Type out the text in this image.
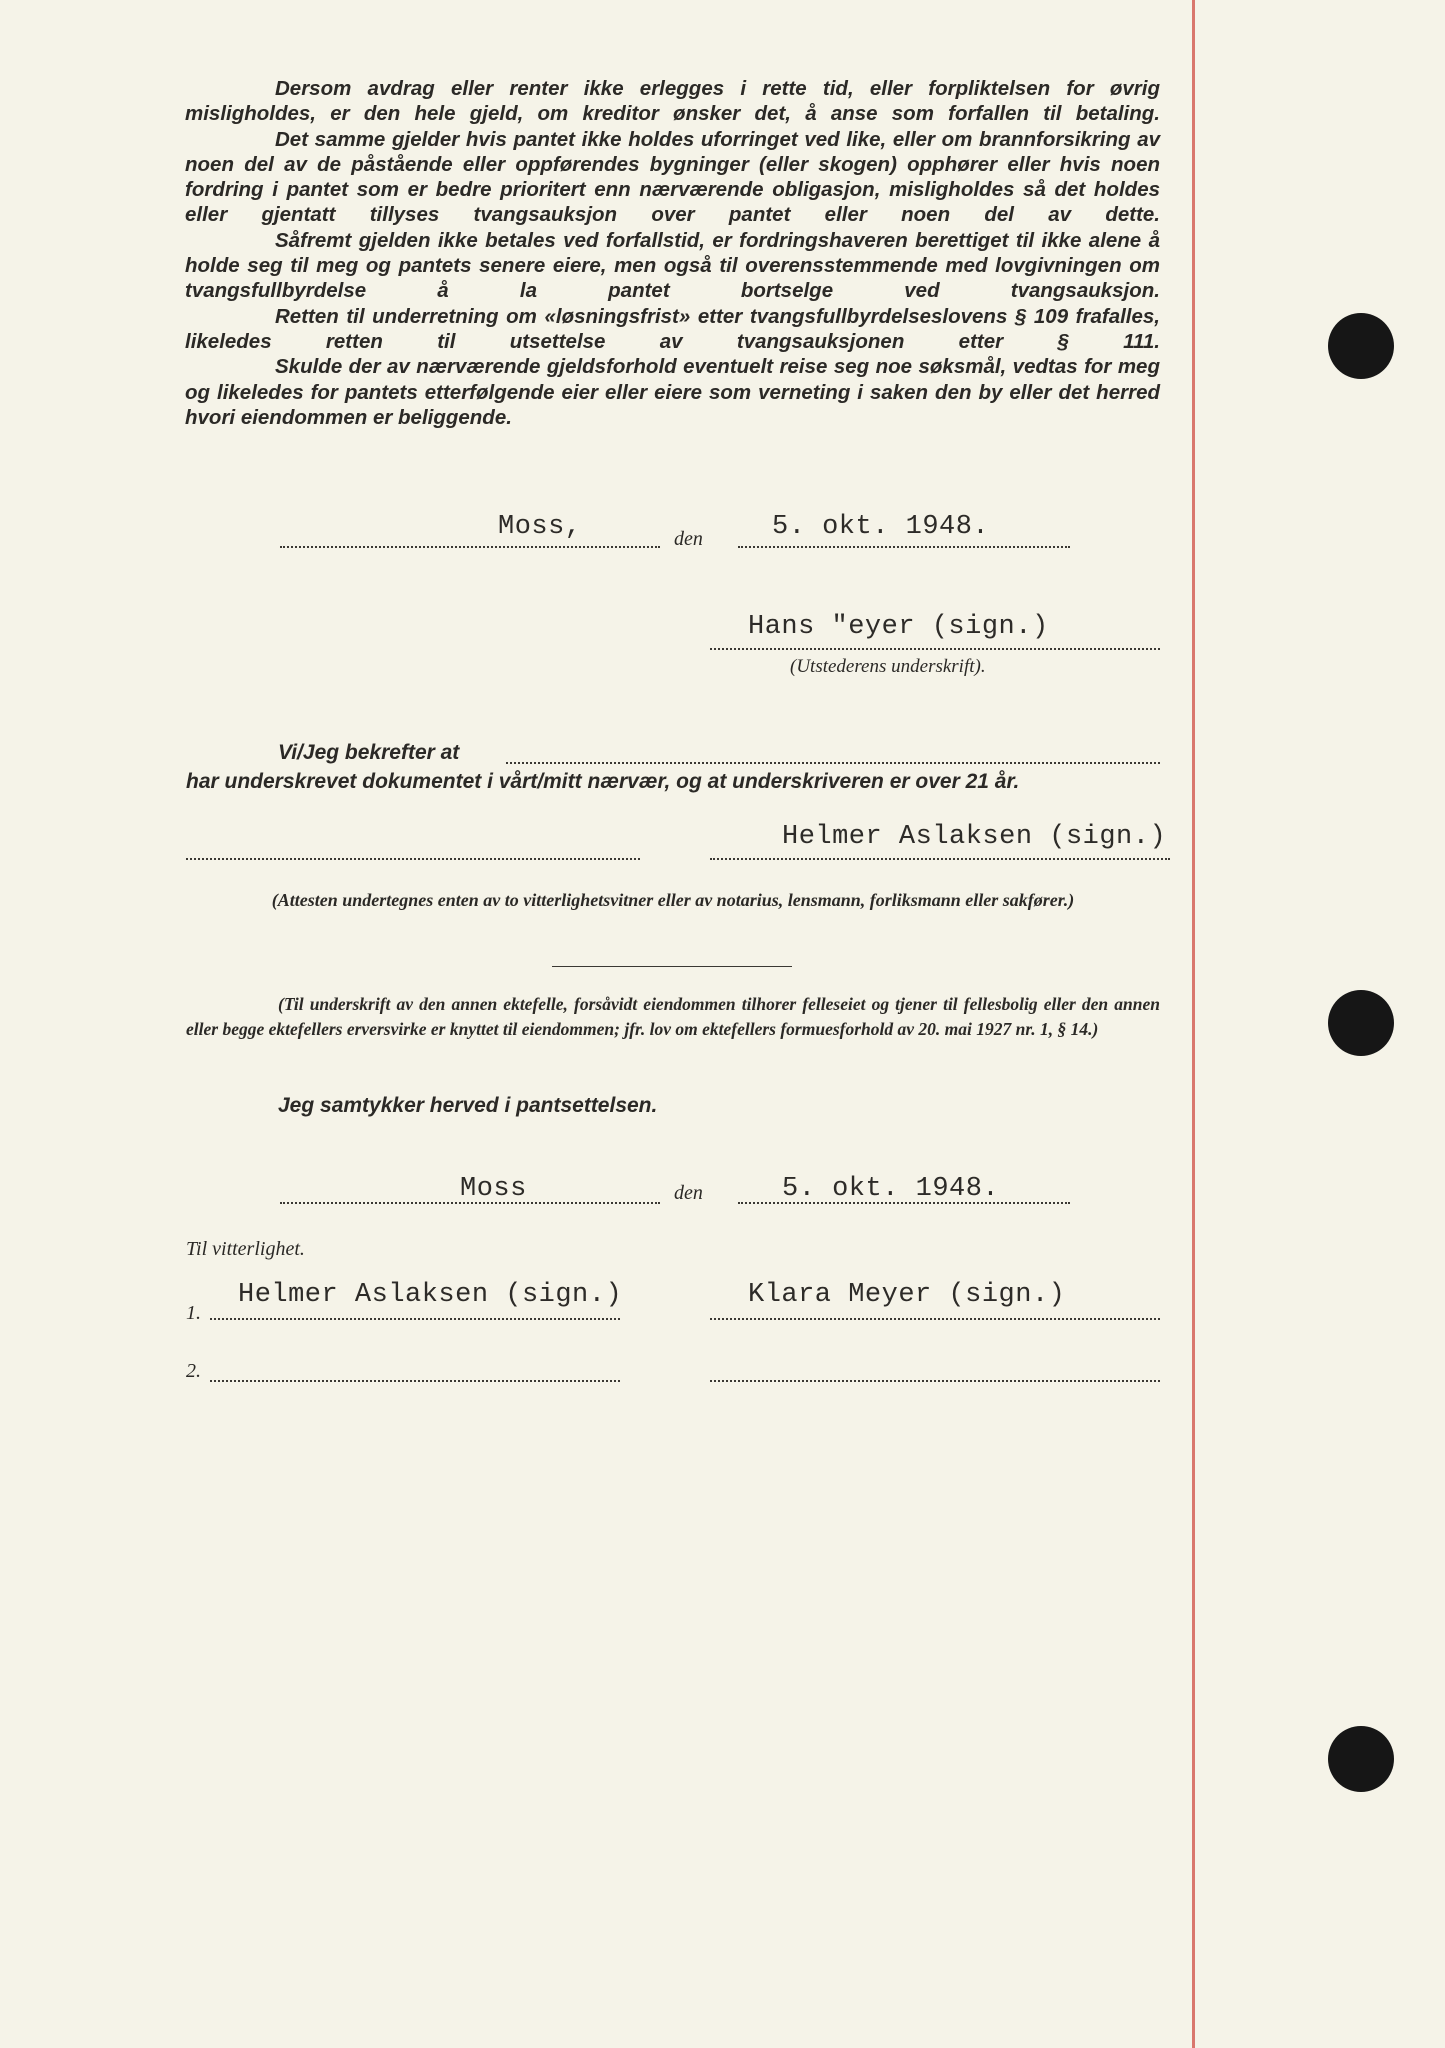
Dersom avdrag eller renter ikke erlegges i rette tid, eller forpliktelsen for øvrig misligholdes, er den hele gjeld, om kreditor ønsker det, å anse som forfallen til betaling.

Det samme gjelder hvis pantet ikke holdes uforringet ved like, eller om brannforsikring av noen del av de påstående eller oppførendes bygninger (eller skogen) opphører eller hvis noen fordring i pantet som er bedre prioritert enn nærværende obligasjon, misligholdes så det holdes eller gjentatt tillyses tvangsauksjon over pantet eller noen del av dette.

Såfremt gjelden ikke betales ved forfallstid, er fordringshaveren berettiget til ikke alene å holde seg til meg og pantets senere eiere, men også til overensstemmende med lovgivningen om tvangsfullbyrdelse å la pantet bortselge ved tvangsauksjon.

Retten til underretning om «løsningsfrist» etter tvangsfullbyrdelseslovens § 109 frafalles, likeledes retten til utsettelse av tvangsauksjonen etter § 111.

Skulde der av nærværende gjeldsforhold eventuelt reise seg noe søksmål, vedtas for meg og likeledes for pantets etterfølgende eier eller eiere som verneting i saken den by eller det herred hvori eiendommen er beliggende.

Moss,	den	5. okt. 1948.
Hans ″eyer (sign.)
(Utstederens underskrift).
Vi/Jeg bekrefter at
har underskrevet dokumentet i vårt/mitt nærvær, og at underskriveren er over 21 år.
Helmer Aslaksen (sign.)
(Attesten undertegnes enten av to vitterlighetsvitner eller av notarius, lensmann, forliksmann eller sakfører.)
(Til underskrift av den annen ektefelle, forsåvidt eiendommen tilhorer felleseiet og tjener til fellesbolig eller den annen eller begge ektefellers erversvirke er knyttet til eiendommen; jfr. lov om ektefellers formuesforhold av 20. mai 1927 nr. 1, § 14.)
Jeg samtykker herved i pantsettelsen.
Moss	den	5. okt. 1948.
Til vitterlighet.
1.
Helmer Aslaksen (sign.)	Klara Meyer (sign.)
2.
